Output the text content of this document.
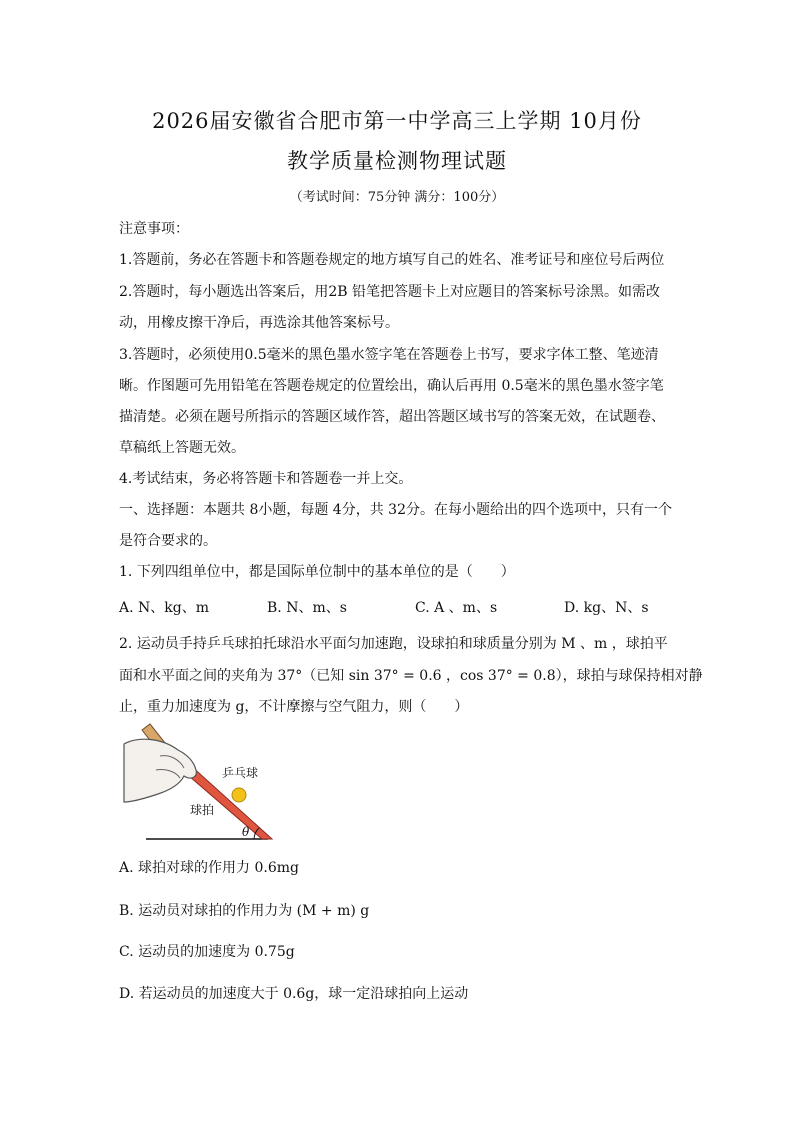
2026届安徽省合肥市第一中学高三上学期 10月份
教学质量检测物理试题
（考试时间：75分钟 满分：100分）
注意事项：
1.答题前，务必在答题卡和答题卷规定的地方填写自己的姓名、准考证号和座位号后两位
2.答题时，每小题选出答案后，用2B 铅笔把答题卡上对应题目的答案标号涂黑。如需改
动，用橡皮擦干净后，再选涂其他答案标号。
3.答题时，必须使用0.5毫米的黑色墨水签字笔在答题卷上书写，要求字体工整、笔迹清
晰。作图题可先用铅笔在答题卷规定的位置绘出，确认后再用 0.5毫米的黑色墨水签字笔
描清楚。必须在题号所指示的答题区域作答，超出答题区域书写的答案无效，在试题卷、
草稿纸上答题无效。
4.考试结束，务必将答题卡和答题卷一并上交。
一、选择题：本题共 8小题，每题 4分，共 32分。在每小题给出的四个选项中，只有一个
是符合要求的。
1. 下列四组单位中，都是国际单位制中的基本单位的是（　　）
A. N、kg、m	B. N、m、s	C. A 、m、s	D. kg、N、s
2. 运动员手持乒乓球拍托球沿水平面匀加速跑，设球拍和球质量分别为 M 、m ，球拍平
面和水平面之间的夹角为 37°（已知 sin 37° = 0.6 ，cos 37° = 0.8），球拍与球保持相对静
止，重力加速度为 g，不计摩擦与空气阻力，则（　　）
乒乓球
球拍
θ
A. 球拍对球的作用力 0.6mg
B. 运动员对球拍的作用力为 (M + m) g
C. 运动员的加速度为 0.75g
D. 若运动员的加速度大于 0.6g，球一定沿球拍向上运动
